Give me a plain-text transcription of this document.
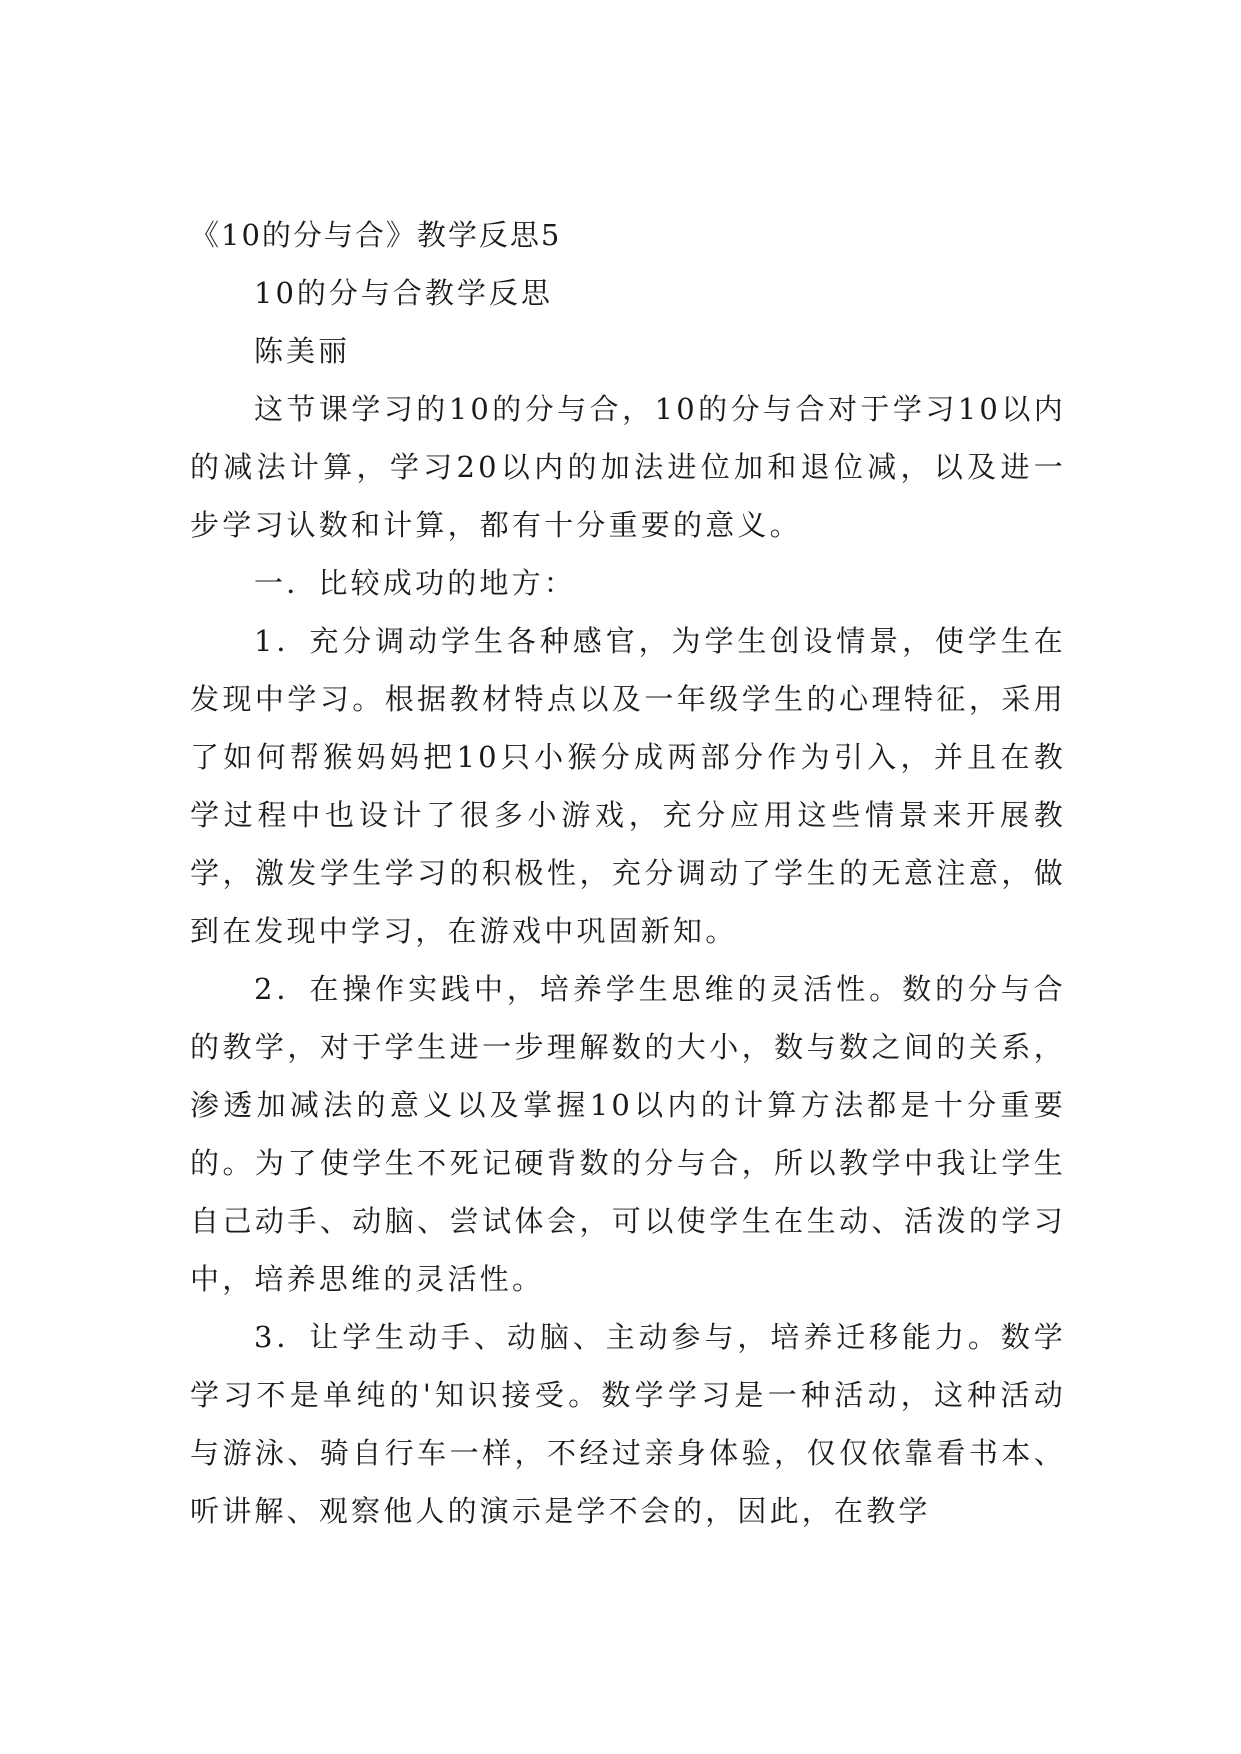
《10的分与合》教学反思5

10的分与合教学反思

陈美丽

这节课学习的10的分与合，10的分与合对于学习10以内的减法计算，学习20以内的加法进位加和退位减，以及进一步学习认数和计算，都有十分重要的意义。

一．比较成功的地方：

1．充分调动学生各种感官，为学生创设情景，使学生在发现中学习。根据教材特点以及一年级学生的心理特征，采用了如何帮猴妈妈把10只小猴分成两部分作为引入，并且在教学过程中也设计了很多小游戏，充分应用这些情景来开展教学，激发学生学习的积极性，充分调动了学生的无意注意，做到在发现中学习，在游戏中巩固新知。

2．在操作实践中，培养学生思维的灵活性。数的分与合的教学，对于学生进一步理解数的大小，数与数之间的关系，渗透加减法的意义以及掌握10以内的计算方法都是十分重要的。为了使学生不死记硬背数的分与合，所以教学中我让学生自己动手、动脑、尝试体会，可以使学生在生动、活泼的学习中，培养思维的灵活性。

3．让学生动手、动脑、主动参与，培养迁移能力。数学学习不是单纯的'知识接受。数学学习是一种活动，这种活动与游泳、骑自行车一样，不经过亲身体验，仅仅依靠看书本、听讲解、观察他人的演示是学不会的，因此，在教学
